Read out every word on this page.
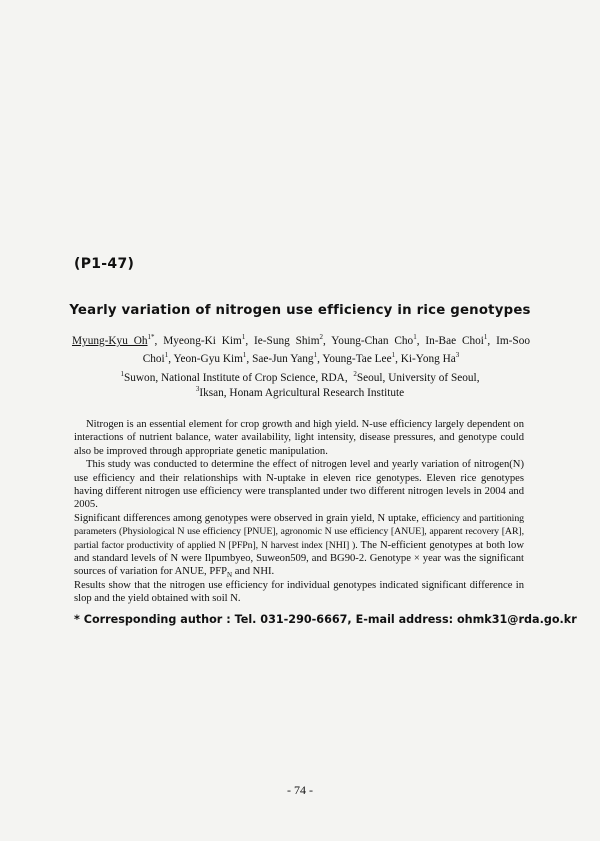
(P1-47)
Yearly variation of nitrogen use efficiency in rice genotypes
Myung-Kyu $Oh^{1*}$, Myeong-Ki Kim$^1$, Ie-Sung Shim$^2$, Young-Chan Cho$^1$, In-Bae Choi$^1$, Im-Soo Choi$^1$, Yeon-Gyu Kim$^1$, Sae-Jun Yang$^1$, Young-Tae Lee$^1$, Ki-Yong Ha$^3$
$^1$Suwon, National Institute of Crop Science, RDA, $^2$Seoul, University of Seoul,
$^3$Iksan, Honam Agricultural Research Institute

Nitrogen is an essential element for crop growth and high yield. N-use efficiency largely dependent on interactions of nutrient balance, water availability, light intensity, disease pressures, and genotype could also be improved through appropriate genetic manipulation.

This study was conducted to determine the effect of nitrogen level and yearly variation of nitrogen(N) use efficiency and their relationships with N-uptake in eleven rice genotypes. Eleven rice genotypes having different nitrogen use efficiency were transplanted under two different nitrogen levels in 2004 and 2005.

Significant differences among genotypes were observed in grain yield, N uptake, efficiency and partitioning parameters (Physiological N use efficiency [PNUE], agronomic N use efficiency [ANUE], apparent recovery [AR], partial factor productivity of applied N [PFPn], N harvest index [NHI] ). The N-efficient genotypes at both low and standard levels of N were Ilpumbyeo, Suweon509, and BG90-2. Genotype × year was the significant sources of variation for ANUE, $PFP_N$ and NHI.

Results show that the nitrogen use efficiency for individual genotypes indicated significant difference in slop and the yield obtained with soil N.

* Corresponding author : Tel. 031-290-6667, E-mail address: ohmk31@rda.go.kr
- 74 -
